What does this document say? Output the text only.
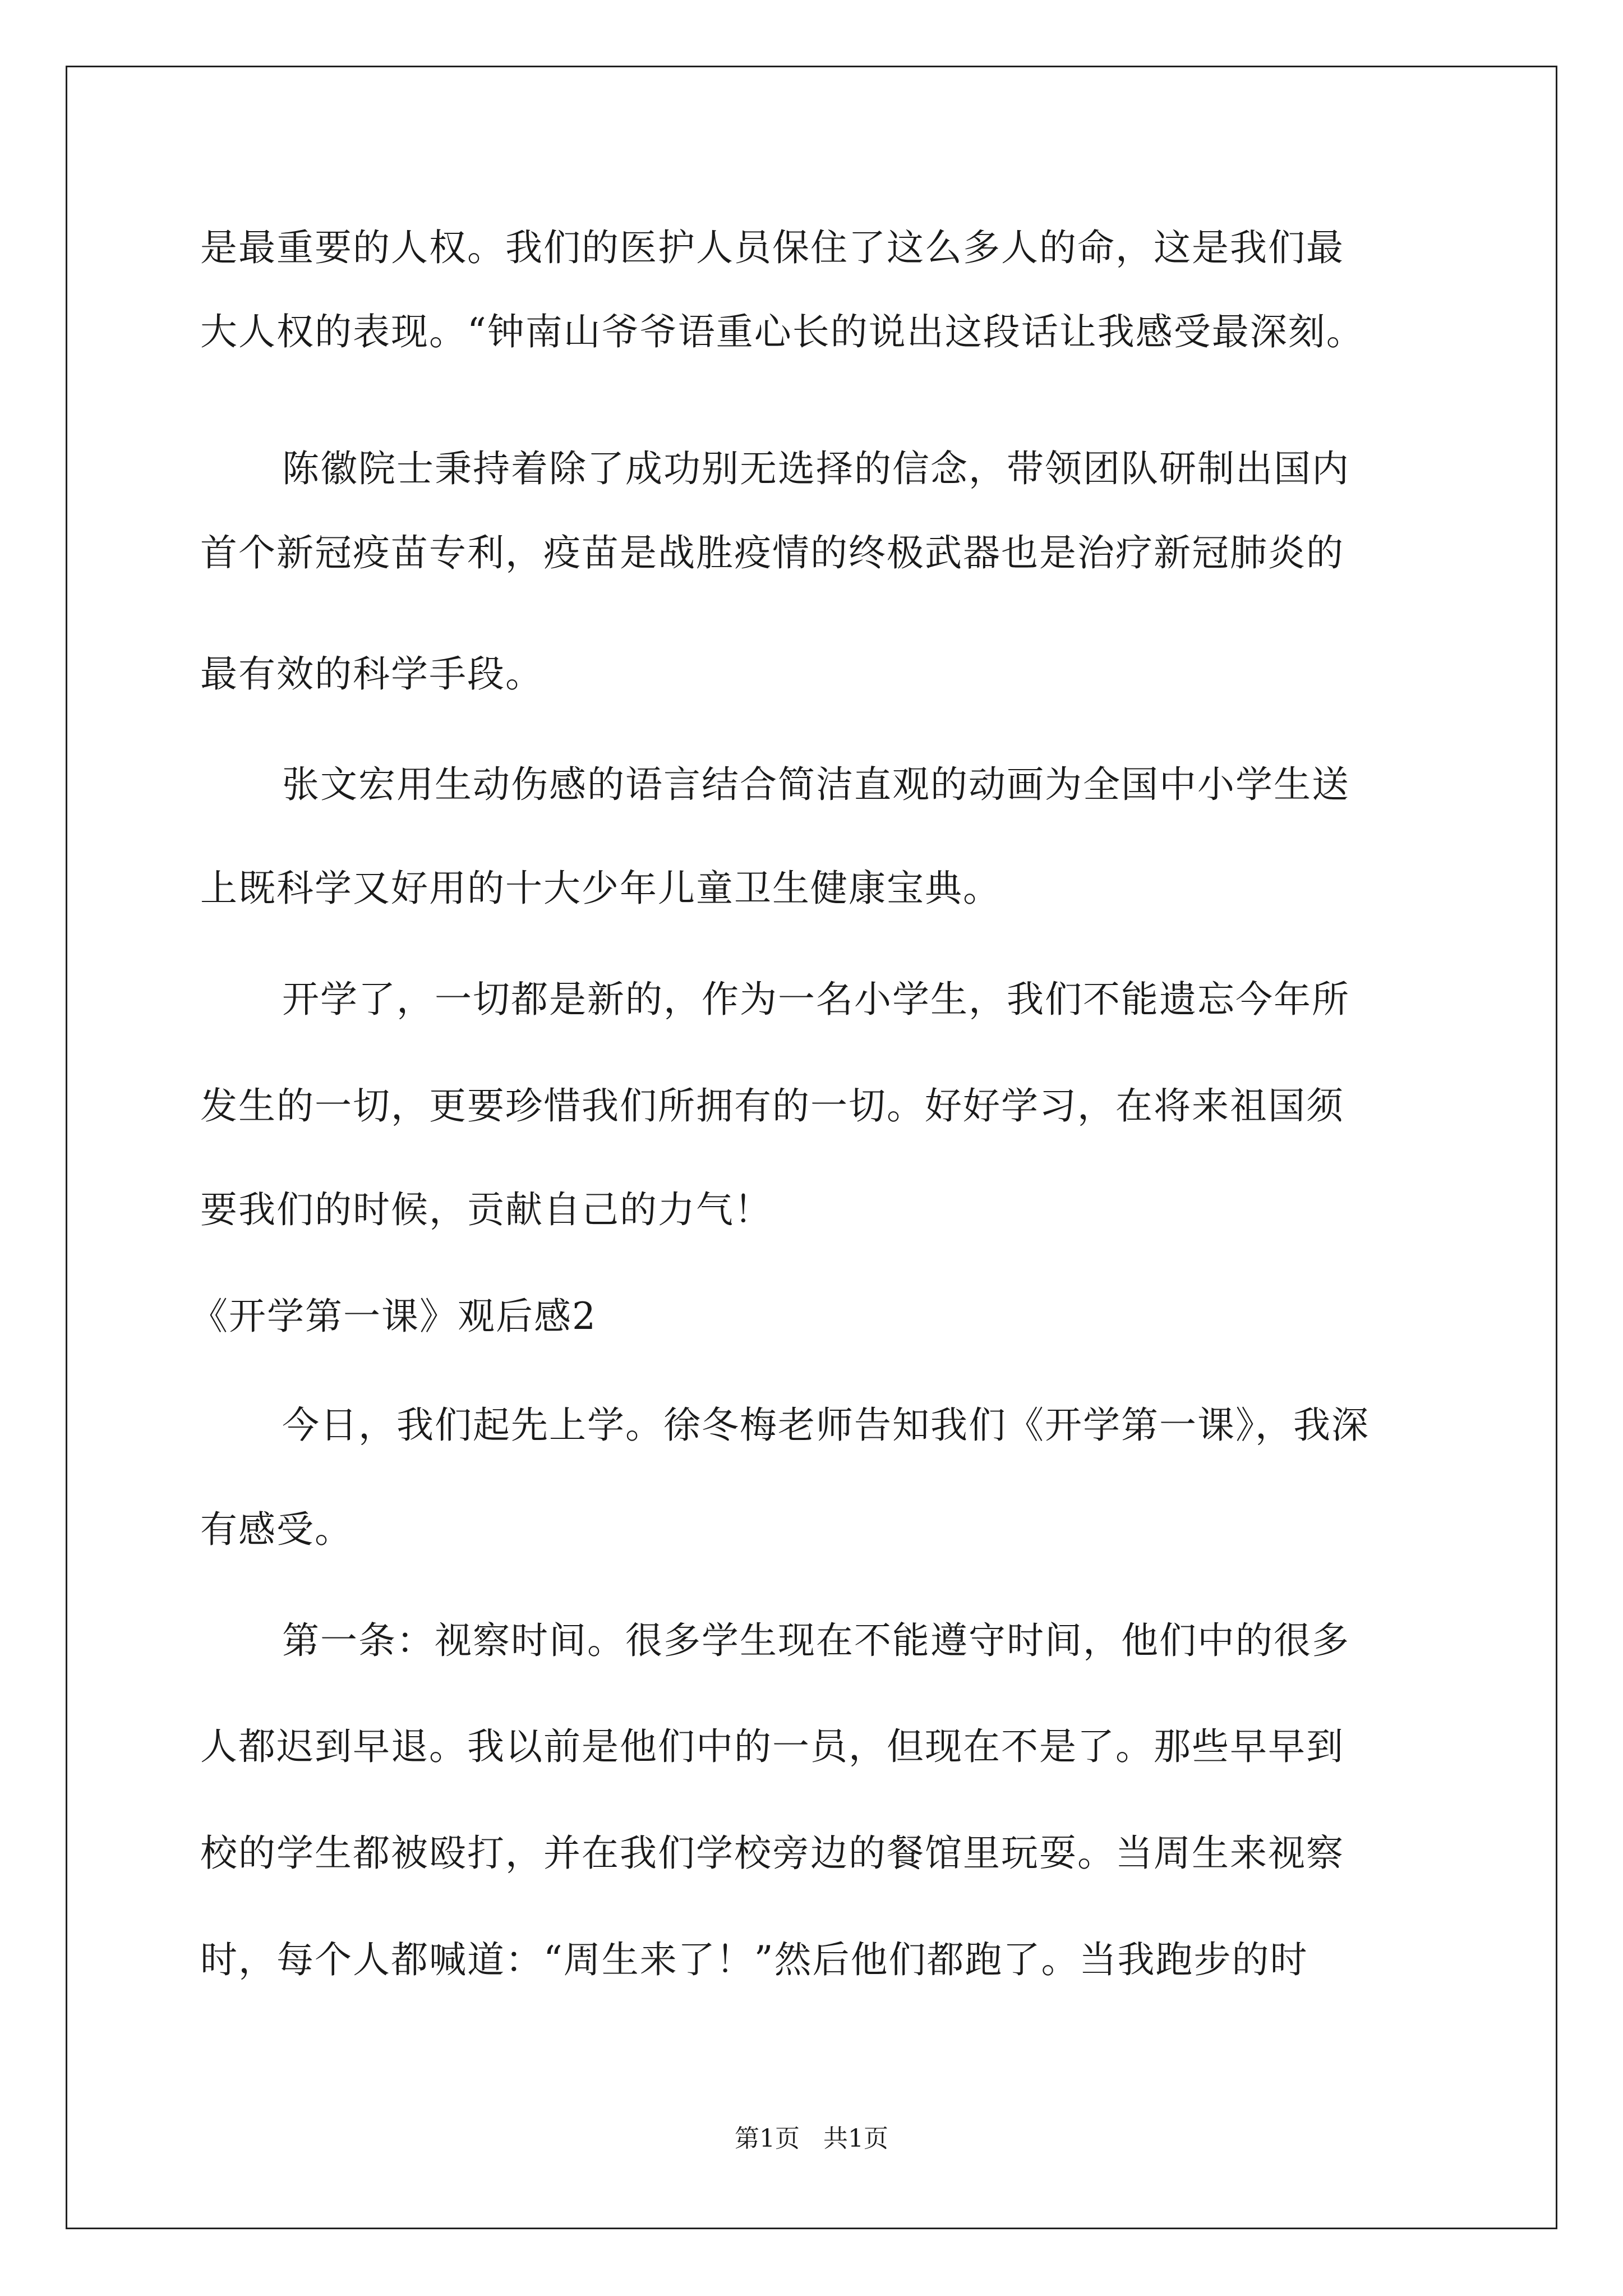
是最重要的人权。我们的医护人员保住了这么多人的命，这是我们最
大人权的表现。“钟南山爷爷语重心长的说出这段话让我感受最深刻。
陈徽院士秉持着除了成功别无选择的信念，带领团队研制出国内
首个新冠疫苗专利，疫苗是战胜疫情的终极武器也是治疗新冠肺炎的
最有效的科学手段。
张文宏用生动伤感的语言结合简洁直观的动画为全国中小学生送
上既科学又好用的十大少年儿童卫生健康宝典。
开学了，一切都是新的，作为一名小学生，我们不能遗忘今年所
发生的一切，更要珍惜我们所拥有的一切。好好学习，在将来祖国须
要我们的时候，贡献自己的力气！
《开学第一课》观后感2
今日，我们起先上学。徐冬梅老师告知我们《开学第一课》，我深
有感受。
第一条：视察时间。很多学生现在不能遵守时间，他们中的很多
人都迟到早退。我以前是他们中的一员，但现在不是了。那些早早到
校的学生都被殴打，并在我们学校旁边的餐馆里玩耍。当周生来视察
时，每个人都喊道：“周生来了！”然后他们都跑了。当我跑步的时
第1页   共1页
